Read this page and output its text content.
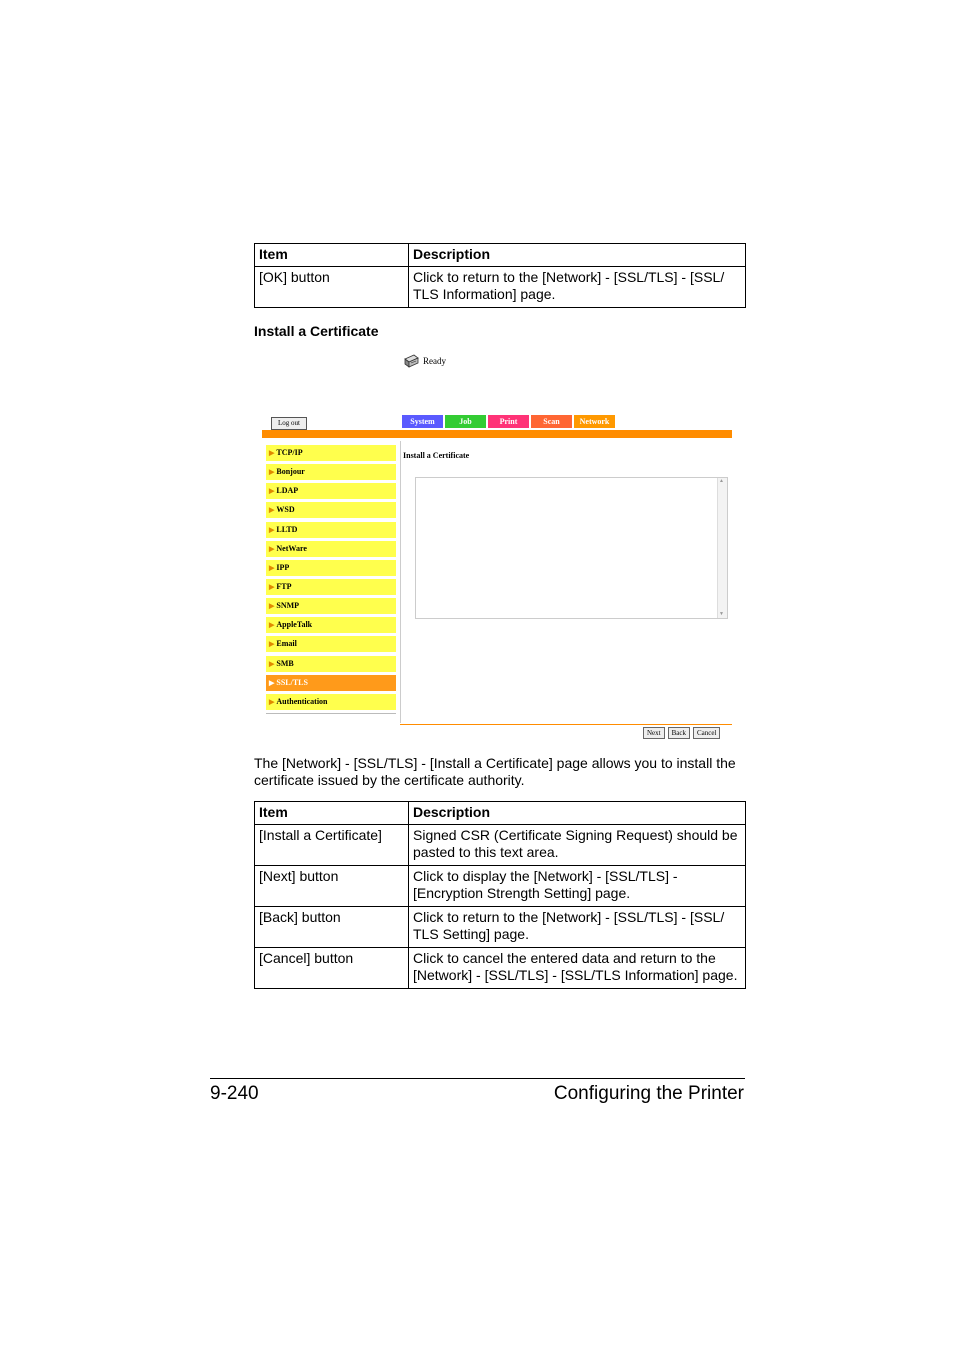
Item	Description
[OK] button	Click to return to the [Network] - [SSL/TLS] - [SSL/ TLS Information] page.
Install a Certificate
Ready
Log out	System	Job	Print	Scan	Network
▶ TCP/IP
▶ Bonjour
▶ LDAP
▶ WSD
▶ LLTD
▶ NetWare
▶ IPP
▶ FTP
▶ SNMP
▶ AppleTalk
▶ Email
▶ SMB
▶ SSL/TLS
▶ Authentication
Install a Certificate
▲
▼
Next	Back	Cancel
The [Network] - [SSL/TLS] - [Install a Certificate] page allows you to install the certificate issued by the certificate authority.
Item	Description
[Install a Certificate]	Signed CSR (Certificate Signing Request) should be pasted to this text area.
[Next] button	Click to display the [Network] - [SSL/TLS] - [Encryption Strength Setting] page.
[Back] button	Click to return to the [Network] - [SSL/TLS] - [SSL/ TLS Setting] page.
[Cancel] button	Click to cancel the entered data and return to the [Network] - [SSL/TLS] - [SSL/TLS Information] page.
9-240	Configuring the Printer
